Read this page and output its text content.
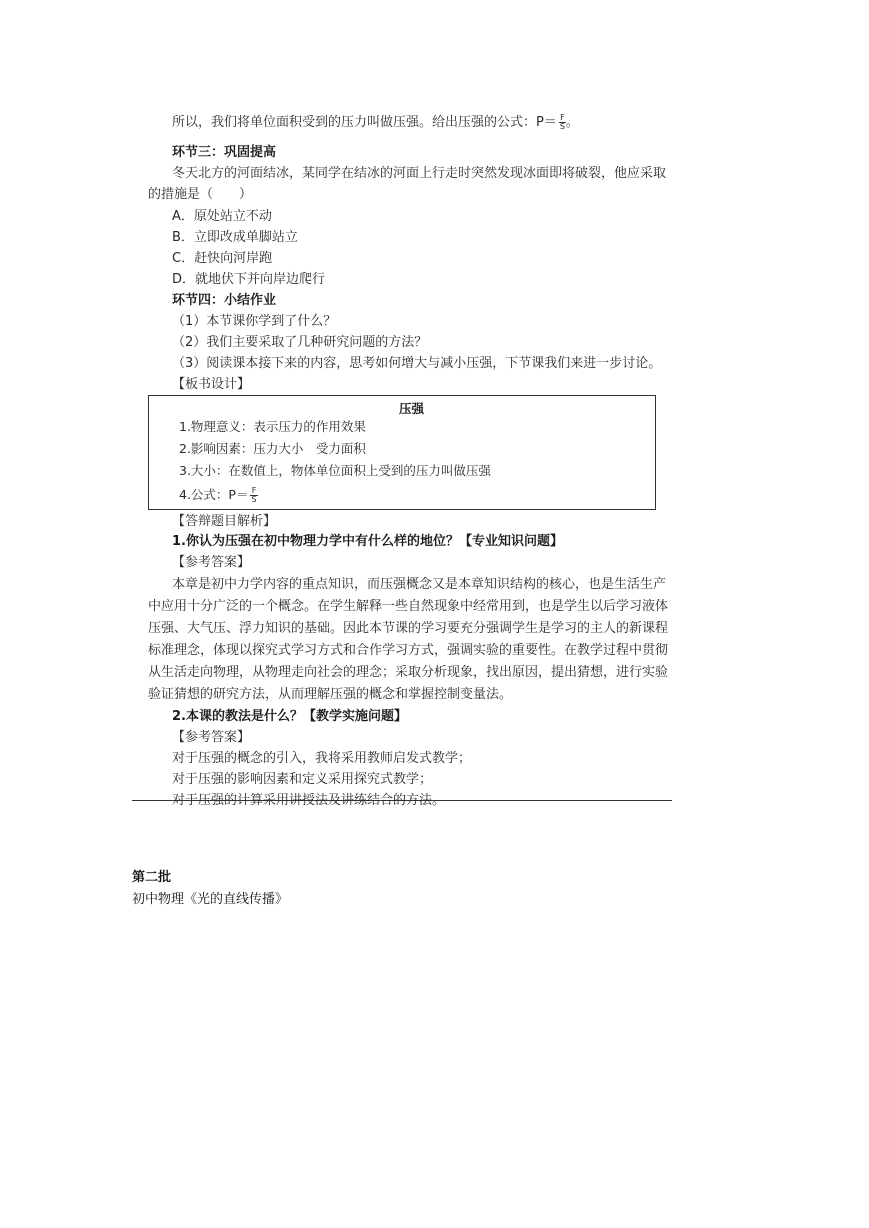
所以，我们将单位面积受到的压力叫做压强。给出压强的公式：$P= \frac{F}{S}$ 。
环节三：巩固提高
冬天北方的河面结冰，某同学在结冰的河面上行走时突然发现冰面即将破裂，他应采取
的措施是（　　）
A．原处站立不动
B．立即改成单脚站立
C．赶快向河岸跑
D．就地伏下并向岸边爬行
环节四：小结作业
（1）本节课你学到了什么？
（2）我们主要采取了几种研究问题的方法？
（3）阅读课本接下来的内容，思考如何增大与减小压强，下节课我们来进一步讨论。
【板书设计】
压强
1.物理意义：表示压力的作用效果
2.影响因素：压力大小　受力面积
3.大小：在数值上，物体单位面积上受到的压力叫做压强
4.公式：$P= \frac{F}{S}$
【答辩题目解析】
1.你认为压强在初中物理力学中有什么样的地位？【专业知识问题】
【参考答案】
本章是初中力学内容的重点知识，而压强概念又是本章知识结构的核心，也是生活生产
中应用十分广泛的一个概念。在学生解释一些自然现象中经常用到，也是学生以后学习液体
压强、大气压、浮力知识的基础。因此本节课的学习要充分强调学生是学习的主人的新课程
标准理念，体现以探究式学习方式和合作学习方式，强调实验的重要性。在教学过程中贯彻
从生活走向物理，从物理走向社会的理念；采取分析现象，找出原因，提出猜想，进行实验
验证猜想的研究方法，从而理解压强的概念和掌握控制变量法。
2.本课的教法是什么？【教学实施问题】
【参考答案】
对于压强的概念的引入，我将采用教师启发式教学；
对于压强的影响因素和定义采用探究式教学；
对于压强的计算采用讲授法及讲练结合的方法。
第二批
初中物理《光的直线传播》
